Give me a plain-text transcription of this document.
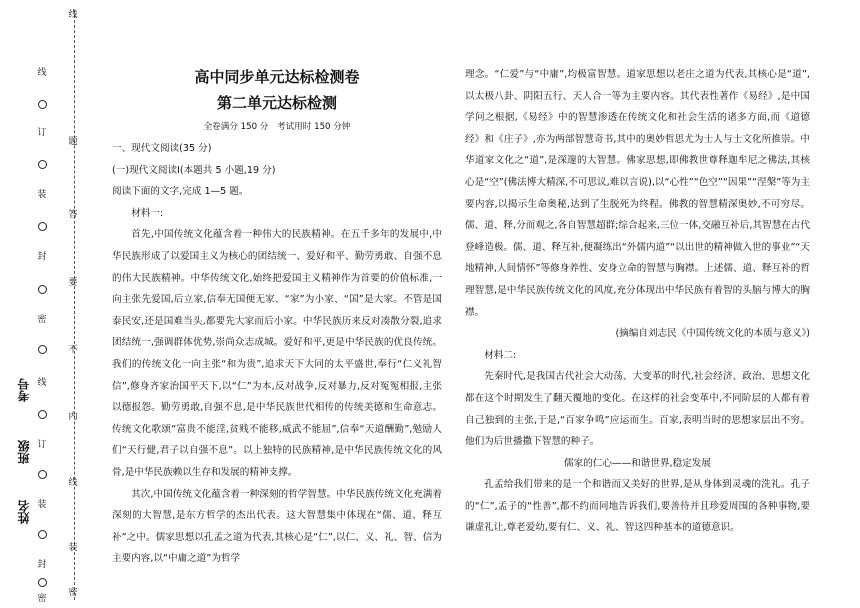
线
订
装
封
密
线
订
装
封
密
线
题
答
要
不
内
线
装
密
考号
班级
姓名
高中同步单元达标检测卷
第二单元达标检测
全卷满分 150 分　考试用时 150 分钟

一、现代文阅读(35 分)

(一)现代文阅读Ⅰ(本题共 5 小题,19 分)

阅读下面的文字,完成 1—5 题。

材料一:

首先,中国传统文化蕴含着一种伟大的民族精神。在五千多年的发展中,中华民族形成了以爱国主义为核心的团结统一、爱好和平、勤劳勇敢、自强不息的伟大民族精神。中华传统文化,始终把爱国主义精神作为首要的价值标准,一向主张先爱国,后立家,信奉无国便无家、“家”为小家、“国”是大家。不管是国泰民安,还是国难当头,都要先大家而后小家。中华民族历来反对凑散分裂,追求团结统一,强调群体优势,崇尚众志成城。爱好和平,更是中华民族的优良传统。我们的传统文化一向主张“和为贵”,追求天下大同的太平盛世,奉行“仁义礼智信”,修身齐家治国平天下,以“仁”为本,反对战争,反对暴力,反对冤冤相报,主张以德报怨。勤劳勇敢,自强不息,是中华民族世代相传的传统美德和生命意志。传统文化歌颂“富贵不能淫,贫贱不能移,威武不能屈”,信奉“天道酬勤”,勉励人们“天行健,君子以自强不息”。以上独特的民族精神,是中华民族传统文化的风骨,是中华民族赖以生存和发展的精神支撑。

其次,中国传统文化蕴含着一种深刻的哲学智慧。中华民族传统文化充满着深刻的大智慧,是东方哲学的杰出代表。这大智慧集中体现在“儒、道、释互补”之中。儒家思想以孔孟之道为代表,其核心是“仁”,以仁、义、礼、智、信为主要内容,以“中庸之道”为哲学

理念。“仁爱”与“中庸”,均极富智慧。道家思想以老庄之道为代表,其核心是“道”,以太极八卦、阴阳五行、天人合一等为主要内容。其代表性著作《易经》,是中国学问之根据,《易经》中的智慧渗透在传统文化和社会生活的诸多方面,而《道德经》和《庄子》,亦为两部智慧奇书,其中的奥妙哲思尤为士人与士文化所推崇。中华道家文化之“道”,是深邃的大智慧。佛家思想,即佛教世尊释迦牟尼之佛法,其核心是“空”(佛法博大精深,不可思议,难以言说),以“心性”“色空”“因果”“涅槃”等为主要内容,以揭示生命奥秘,达到了生脱死为终程。佛教的智慧精深奥妙,不可穷尽。儒、道、释,分而观之,各自智慧超群;综合起来,三位一体,交融互补后,其智慧在古代登峰造极。儒、道、释互补,便凝练出“外儒内道”“以出世的精神做入世的事业”“天地精神,人间情怀”等修身养性、安身立命的智慧与胸襟。上述儒、道、释互补的哲理智慧,是中华民族传统文化的风度,充分体现出中华民族有着智的头脑与博大的胸襟。

(摘编自刘志民《中国传统文化的本质与意义》)

材料二:

先秦时代,是我国古代社会大动荡、大变革的时代,社会经济、政治、思想文化都在这个时期发生了翻天覆地的变化。在这样的社会变革中,不同阶层的人都有着自己独到的主张,于是,“百家争鸣”应运而生。百家,表明当时的思想家层出不穷。他们为后世播撒下智慧的种子。

儒家的仁心——和谐世界,稳定发展

孔孟给我们带来的是一个和谐而又美好的世界,是从身体到灵魂的洗礼。孔子的“仁”,孟子的“性善”,都不约而同地告诉我们,要善待并且珍爱周围的各种事物,要谦虚礼让,尊老爱幼,要有仁、义、礼、智这四种基本的道德意识。
